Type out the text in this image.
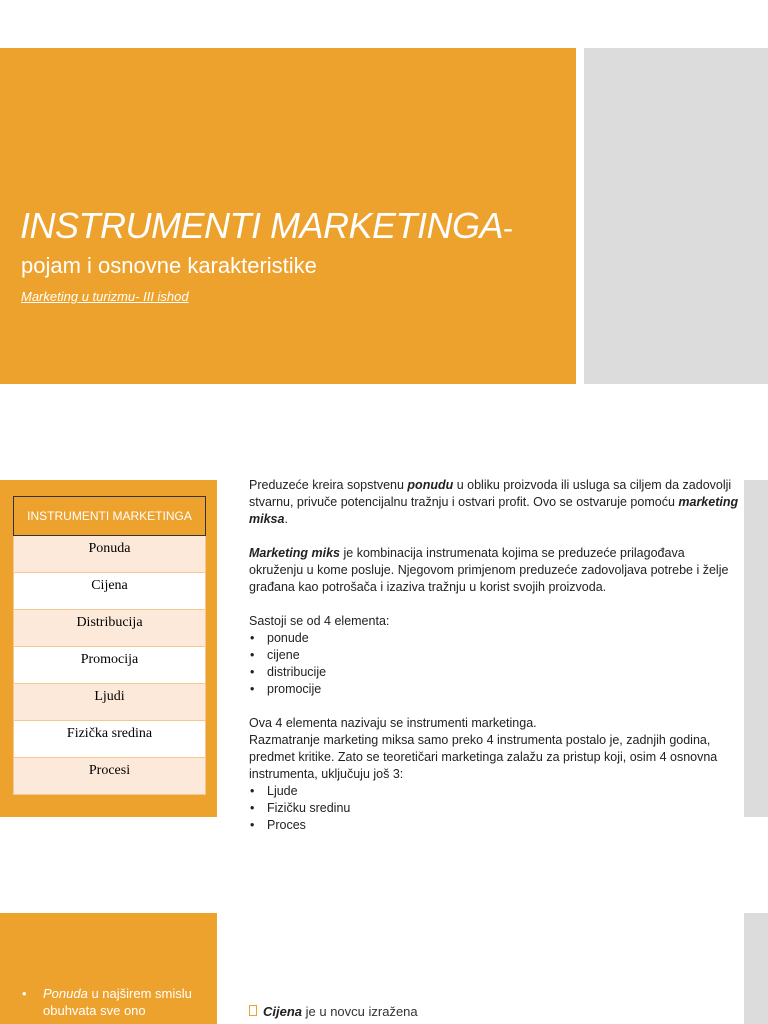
INSTRUMENTI MARKETINGA-
pojam i osnovne karakteristike
Marketing u turizmu- III ishod
INSTRUMENTI MARKETINGA
Ponuda
Cijena
Distribucija
Promocija
Ljudi
Fizička sredina
Procesi

Preduzeće kreira sopstvenu ponudu u obliku proizvoda ili usluga sa ciljem da zadovolji stvarnu, privuče potencijalnu tražnju i ostvari profit. Ovo se ostvaruje pomoću marketing miksa.

Marketing miks je kombinacija instrumenata kojima se preduzeće prilagođava okruženju u kome posluje. Njegovom primjenom preduzeće zadovoljava potrebe i želje građana kao potrošača i izaziva tražnju u korist svojih proizvoda.

Sastoji se od 4 elementa:

• ponude
• cijene
• distribucije
• promocije

Ova 4 elementa nazivaju se instrumenti marketinga.

Razmatranje marketing miksa samo preko 4 instrumenta postalo je, zadnjih godina, predmet kritike. Zato se teoretičari marketinga zalažu za pristup koji, osim 4 osnovna instrumenta, uključuju još 3:

• Ljude
• Fizičku sredinu
• Proces
•	Ponuda u najširem smislu obuhvata sve ono	Cijena je u novcu izražena
